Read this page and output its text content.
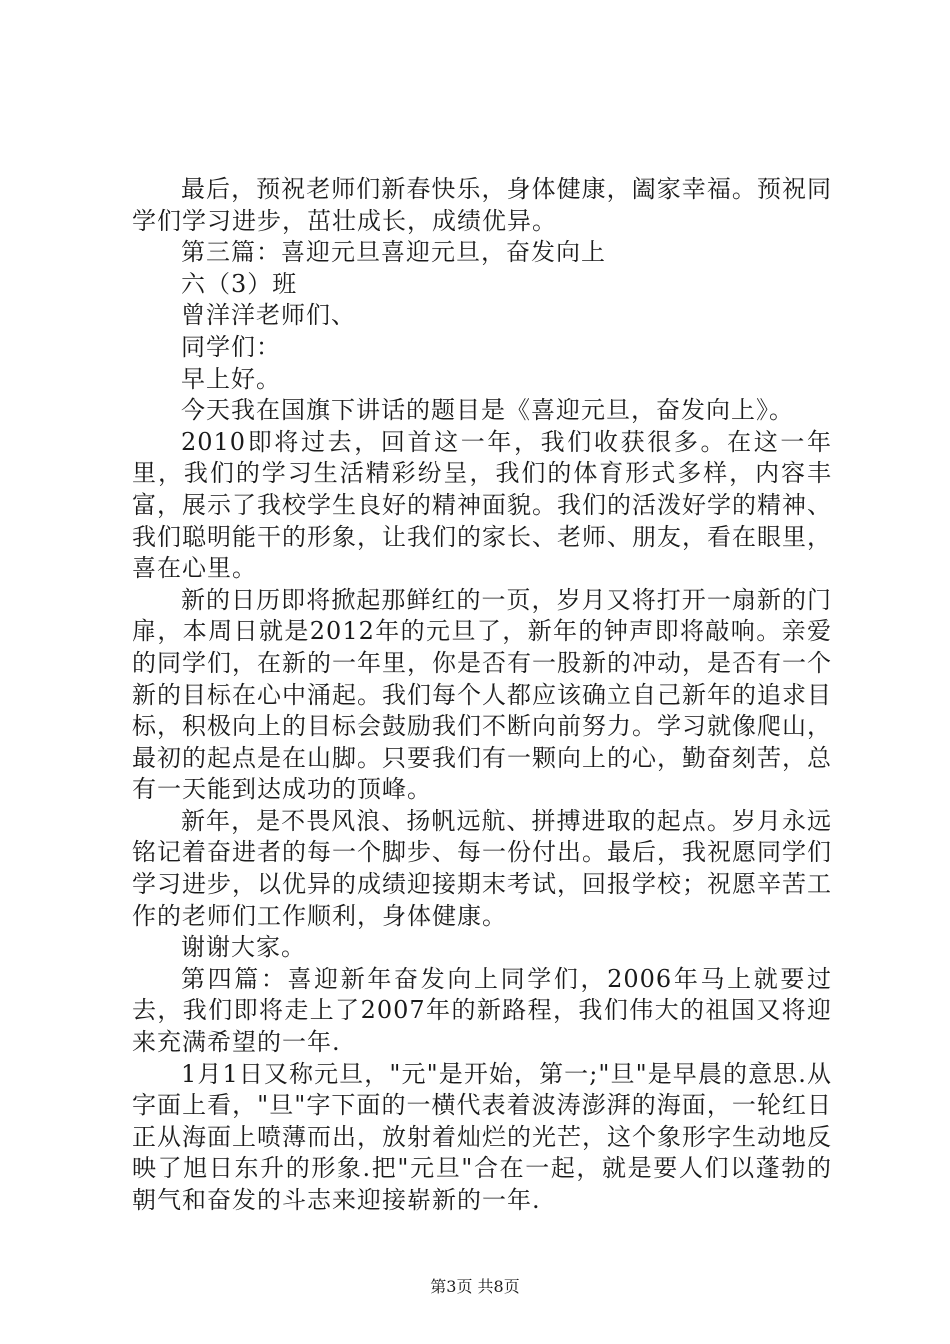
最后，预祝老师们新春快乐，身体健康，阖家幸福。预祝同学们学习进步，茁壮成长，成绩优异。

第三篇：喜迎元旦喜迎元旦，奋发向上

六（3）班

曾洋洋老师们、

同学们：

早上好。

今天我在国旗下讲话的题目是《喜迎元旦，奋发向上》。

2010即将过去，回首这一年，我们收获很多。在这一年里，我们的学习生活精彩纷呈，我们的体育形式多样，内容丰富，展示了我校学生良好的精神面貌。我们的活泼好学的精神、我们聪明能干的形象，让我们的家长、老师、朋友，看在眼里，喜在心里。

新的日历即将掀起那鲜红的一页，岁月又将打开一扇新的门扉，本周日就是2012年的元旦了，新年的钟声即将敲响。亲爱的同学们，在新的一年里，你是否有一股新的冲动，是否有一个新的目标在心中涌起。我们每个人都应该确立自己新年的追求目标，积极向上的目标会鼓励我们不断向前努力。学习就像爬山，最初的起点是在山脚。只要我们有一颗向上的心，勤奋刻苦，总有一天能到达成功的顶峰。

新年，是不畏风浪、扬帆远航、拼搏进取的起点。岁月永远铭记着奋进者的每一个脚步、每一份付出。最后，我祝愿同学们学习进步，以优异的成绩迎接期末考试，回报学校；祝愿辛苦工作的老师们工作顺利，身体健康。

谢谢大家。

第四篇：喜迎新年奋发向上同学们，2006年马上就要过去，我们即将走上了2007年的新路程，我们伟大的祖国又将迎来充满希望的一年.

1月1日又称元旦，"元"是开始，第一;"旦"是早晨的意思.从字面上看，"旦"字下面的一横代表着波涛澎湃的海面，一轮红日正从海面上喷薄而出，放射着灿烂的光芒，这个象形字生动地反映了旭日东升的形象.把"元旦"合在一起，就是要人们以蓬勃的朝气和奋发的斗志来迎接崭新的一年.

第3页 共8页
